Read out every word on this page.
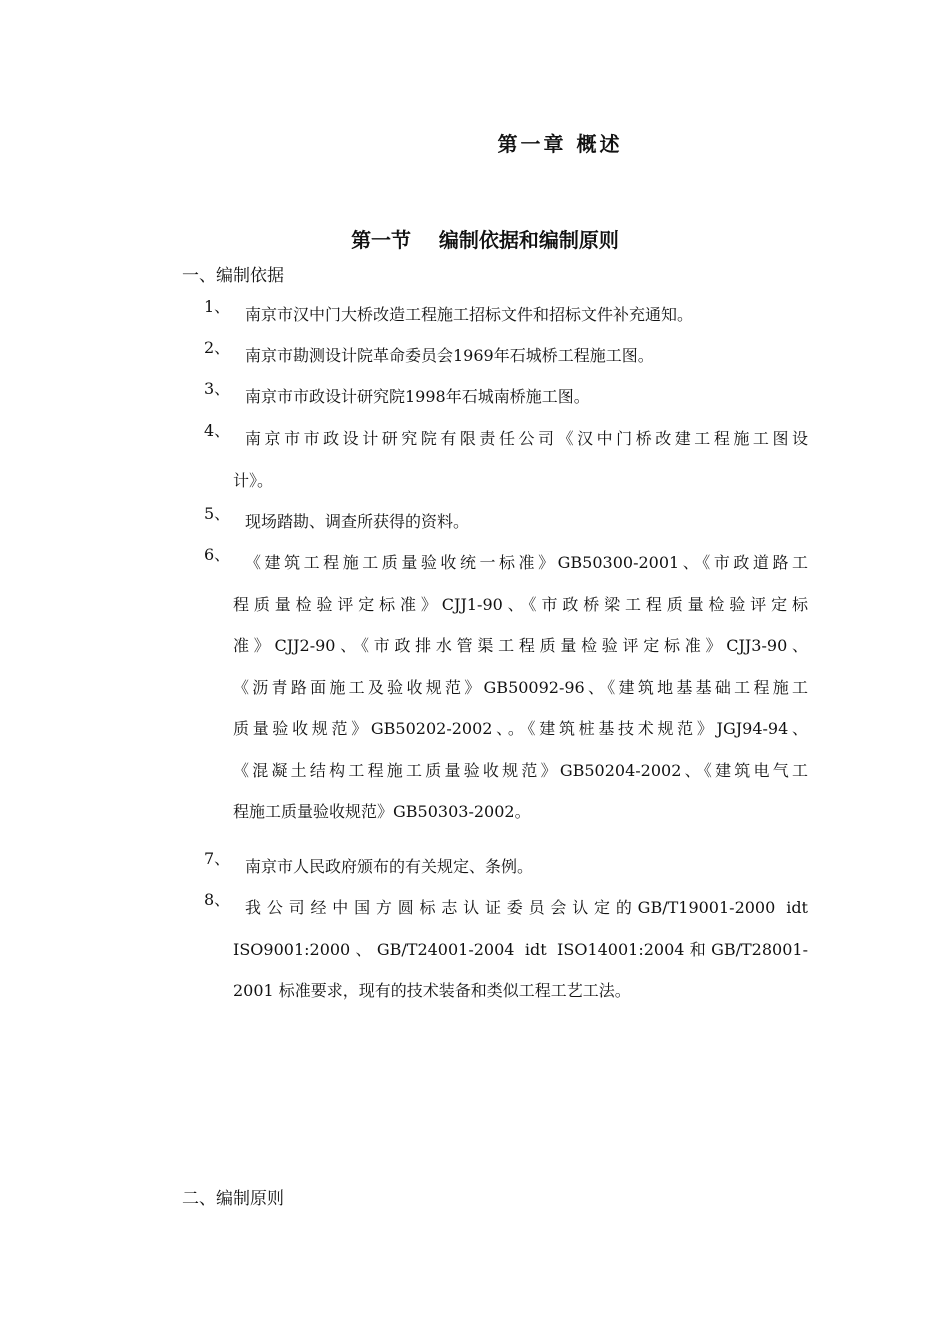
第一章 概述
第一节    编制依据和编制原则
一、编制依据
1、 南京市汉中门大桥改造工程施工招标文件和招标文件补充通知。
2、 南京市勘测设计院革命委员会1969年石城桥工程施工图。
3、 南京市市政设计研究院1998年石城南桥施工图。
4、 南京市市政设计研究院有限责任公司《汉中门桥改建工程施工图设
计》。
5、 现场踏勘、调查所获得的资料。
6、 《建筑工程施工质量验收统一标准》GB50300-2001、《市政道路工
程质量检验评定标准》CJJ1-90、《市政桥梁工程质量检验评定标
准》CJJ2-90、《市政排水管渠工程质量检验评定标准》CJJ3-90、
《沥青路面施工及验收规范》GB50092-96、《建筑地基基础工程施工
质量验收规范》GB50202-2002、。《建筑桩基技术规范》JGJ94-94、
《混凝土结构工程施工质量验收规范》GB50204-2002、《建筑电气工
程施工质量验收规范》GB50303-2002。
7、 南京市人民政府颁布的有关规定、条例。
8、 我公司经中国方圆标志认证委员会认定的GB/T19001-2000 idt
ISO9001:2000、GB/T24001-2004 idt ISO14001:2004和GB/T28001-
2001 标准要求，现有的技术装备和类似工程工艺工法。
二、编制原则
